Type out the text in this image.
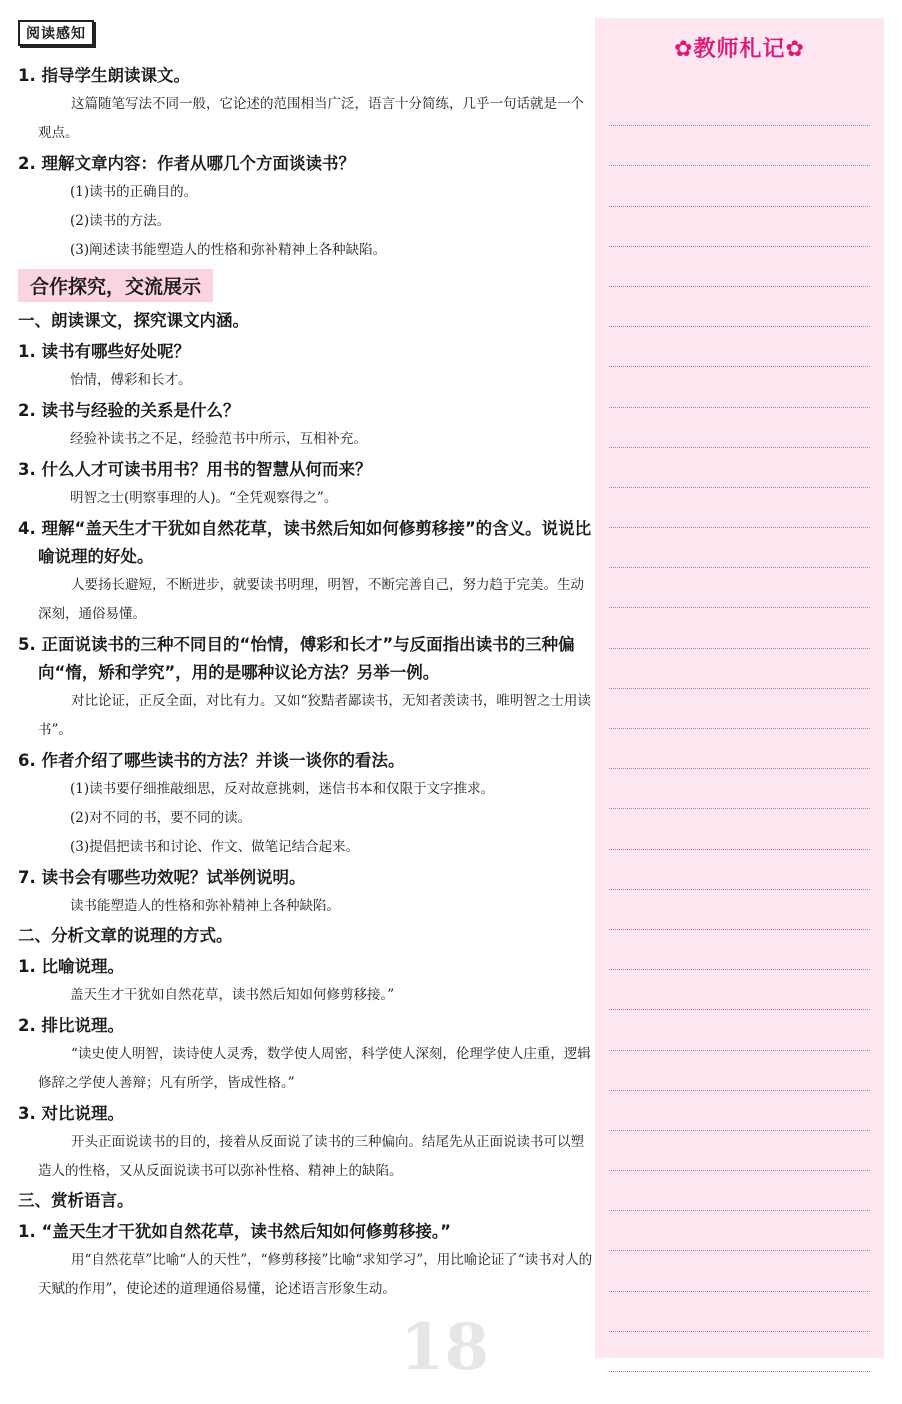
阅读感知
1. 指导学生朗读课文。
这篇随笔写法不同一般，它论述的范围相当广泛，语言十分简练，几乎一句话就是一个观点。
2. 理解文章内容：作者从哪几个方面谈读书？
(1)读书的正确目的。
(2)读书的方法。
(3)阐述读书能塑造人的性格和弥补精神上各种缺陷。
合作探究，交流展示
一、朗读课文，探究课文内涵。
1. 读书有哪些好处呢？
怡情，傅彩和长才。
2. 读书与经验的关系是什么？
经验补读书之不足，经验范书中所示，互相补充。
3. 什么人才可读书用书？用书的智慧从何而来？
明智之士(明察事理的人)。“全凭观察得之”。
4. 理解“盖天生才干犹如自然花草，读书然后知如何修剪移接”的含义。说说比喻说理的好处。
人要扬长避短，不断进步，就要读书明理，明智，不断完善自己，努力趋于完美。生动深刻，通俗易懂。
5. 正面说读书的三种不同目的“怡情，傅彩和长才”与反面指出读书的三种偏向“惰，矫和学究”，用的是哪种议论方法？另举一例。
对比论证，正反全面，对比有力。又如“狡黠者鄙读书，无知者羡读书，唯明智之士用读书”。
6. 作者介绍了哪些读书的方法？并谈一谈你的看法。
(1)读书要仔细推敲细思，反对故意挑刺，迷信书本和仅限于文字推求。
(2)对不同的书，要不同的读。
(3)提倡把读书和讨论、作文、做笔记结合起来。
7. 读书会有哪些功效呢？试举例说明。
读书能塑造人的性格和弥补精神上各种缺陷。
二、分析文章的说理的方式。
1. 比喻说理。
盖天生才干犹如自然花草，读书然后知如何修剪移接。”
2. 排比说理。
“读史使人明智，读诗使人灵秀，数学使人周密，科学使人深刻，伦理学使人庄重，逻辑修辞之学使人善辩；凡有所学，皆成性格。”
3. 对比说理。
开头正面说读书的目的，接着从反面说了读书的三种偏向。结尾先从正面说读书可以塑造人的性格，又从反面说读书可以弥补性格、精神上的缺陷。
三、赏析语言。
1. “盖天生才干犹如自然花草，读书然后知如何修剪移接。”
用“自然花草”比喻“人的天性”，“修剪移接”比喻“求知学习”，用比喻论证了“读书对人的天赋的作用”，使论述的道理通俗易懂，论述语言形象生动。
✿教师札记✿
18
